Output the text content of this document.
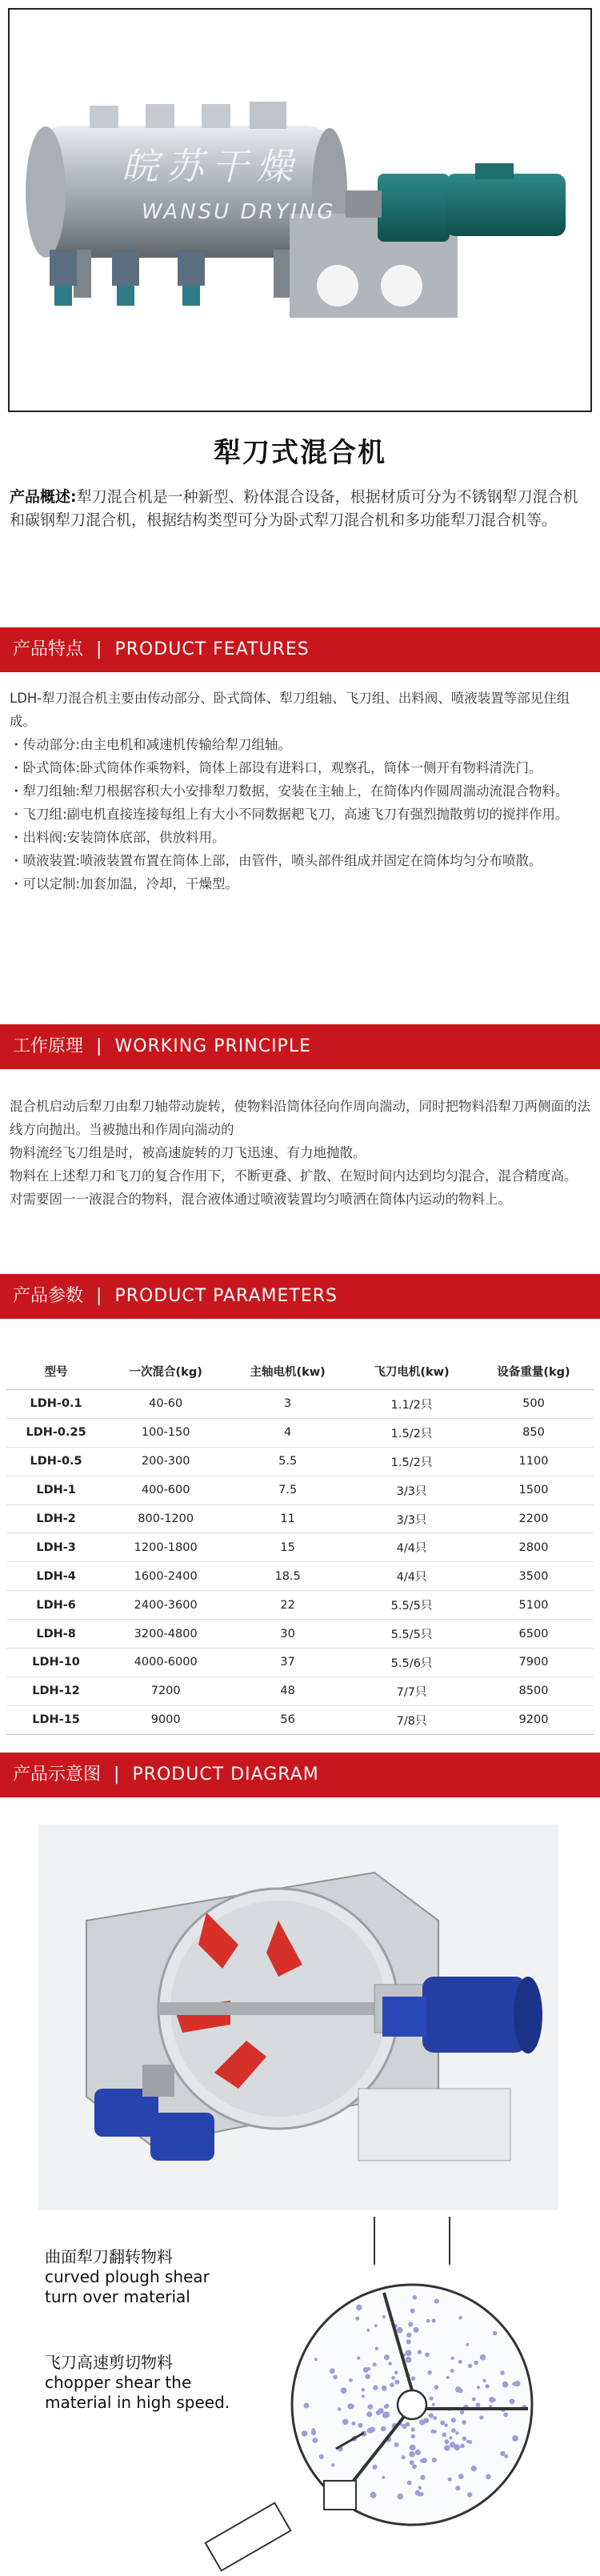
皖苏干燥
WANSU DRYING
犁刀式混合机
产品概述:犁刀混合机是一种新型、粉体混合设备，根据材质可分为不锈钢犁刀混合机和碳钢犁刀混合机，根据结构类型可分为卧式犁刀混合机和多功能犁刀混合机等。
产品特点 | PRODUCT FEATURES

LDH-犁刀混合机主要由传动部分、卧式筒体、犁刀组轴、飞刀组、出料阀、喷液装置等部见住组成。

・传动部分:由主电机和减速机传输给犁刀组轴。

・卧式筒体:卧式筒体作乘物料，筒体上部设有进料口，观察孔，筒体一侧开有物料清洗门。

・犁刀组轴:犁刀根据容积大小安排犁刀数据，安装在主轴上，在筒体内作圆周湍动流混合物料。

・飞刀组:副电机直接连接每组上有大小不同数据耙飞刀，高速飞刀有强烈抛散剪切的搅拌作用。

・出料阀:安装筒体底部，供放料用。

・喷液装置:喷液装置布置在筒体上部，由管件，喷头部件组成并固定在筒体均匀分布喷散。

・可以定制:加套加温，冷却，干燥型。

工作原理 | WORKING PRINCIPLE

混合机启动后犁刀由犁刀轴带动旋转，使物料沿筒体径向作周向湍动，同时把物料沿犁刀两侧面的法线方向抛出。当被抛出和作周向湍动的

物料流经飞刀组是时，被高速旋转的刀飞迅速、有力地抛散。

物料在上述犁刀和飞刀的复合作用下，不断更叠、扩散、在短时间内达到均匀混合，混合精度高。

对需要固一一液混合的物料，混合液体通过喷液装置均匀喷洒在筒体内运动的物料上。

产品参数 | PRODUCT PARAMETERS
型号	一次混合(kg)	主轴电机(kw)	飞刀电机(kw)	设备重量(kg)
LDH-0.1	40-60	3	1.1/2只	500
LDH-0.25	100-150	4	1.5/2只	850
LDH-0.5	200-300	5.5	1.5/2只	1100
LDH-1	400-600	7.5	3/3只	1500
LDH-2	800-1200	11	3/3只	2200
LDH-3	1200-1800	15	4/4只	2800
LDH-4	1600-2400	18.5	4/4只	3500
LDH-6	2400-3600	22	5.5/5只	5100
LDH-8	3200-4800	30	5.5/5只	6500
LDH-10	4000-6000	37	5.5/6只	7900
LDH-12	7200	48	7/7只	8500
LDH-15	9000	56	7/8只	9200
产品示意图 | PRODUCT DIAGRAM
曲面犁刀翻转物料
curved plough shear
turn over material
飞刀高速剪切物料
chopper shear the
material in high speed.
